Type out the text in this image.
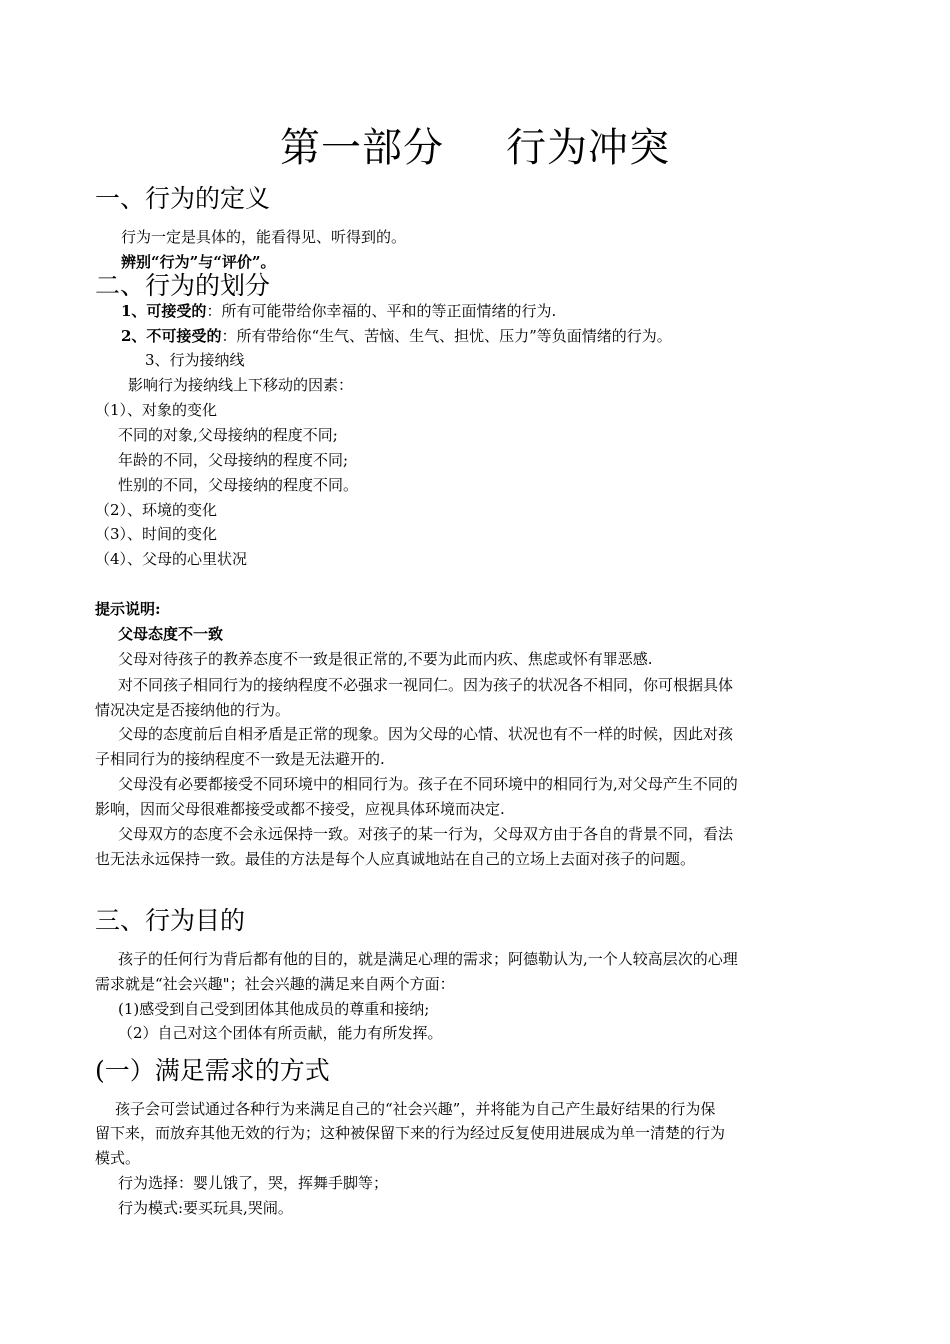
第一部分 行为冲突
一、行为的定义
行为一定是具体的，能看得见、听得到的。
辨别“行为”与“评价”。
二、行为的划分
1、可接受的：所有可能带给你幸福的、平和的等正面情绪的行为.
2、不可接受的：所有带给你“生气、苦恼、生气、担忧、压力”等负面情绪的行为。
3、行为接纳线
影响行为接纳线上下移动的因素：
（1）、对象的变化
不同的对象,父母接纳的程度不同;
年龄的不同，父母接纳的程度不同;
性别的不同，父母接纳的程度不同。
（2）、环境的变化
（3）、时间的变化
（4）、父母的心里状况
提示说明:
父母态度不一致
父母对待孩子的教养态度不一致是很正常的,不要为此而内疚、焦虑或怀有罪恶感.
对不同孩子相同行为的接纳程度不必强求一视同仁。因为孩子的状况各不相同，你可根据具体
情况决定是否接纳他的行为。
父母的态度前后自相矛盾是正常的现象。因为父母的心情、状况也有不一样的时候，因此对孩
子相同行为的接纳程度不一致是无法避开的.
父母没有必要都接受不同环境中的相同行为。孩子在不同环境中的相同行为,对父母产生不同的
影响，因而父母很难都接受或都不接受，应视具体环境而决定.
父母双方的态度不会永远保持一致。对孩子的某一行为，父母双方由于各自的背景不同，看法
也无法永远保持一致。最佳的方法是每个人应真诚地站在自己的立场上去面对孩子的问题。
三、行为目的
孩子的任何行为背后都有他的目的，就是满足心理的需求；阿德勒认为,一个人较高层次的心理
需求就是“社会兴趣"；社会兴趣的满足来自两个方面：
(1)感受到自己受到团体其他成员的尊重和接纳;
（2）自己对这个团体有所贡献，能力有所发挥。
(一）满足需求的方式
孩子会可尝试通过各种行为来满足自己的“社会兴趣”，并将能为自己产生最好结果的行为保
留下来，而放弃其他无效的行为；这种被保留下来的行为经过反复使用进展成为单一清楚的行为
模式。
行为选择：婴儿饿了，哭，挥舞手脚等；
行为模式:要买玩具,哭闹。
